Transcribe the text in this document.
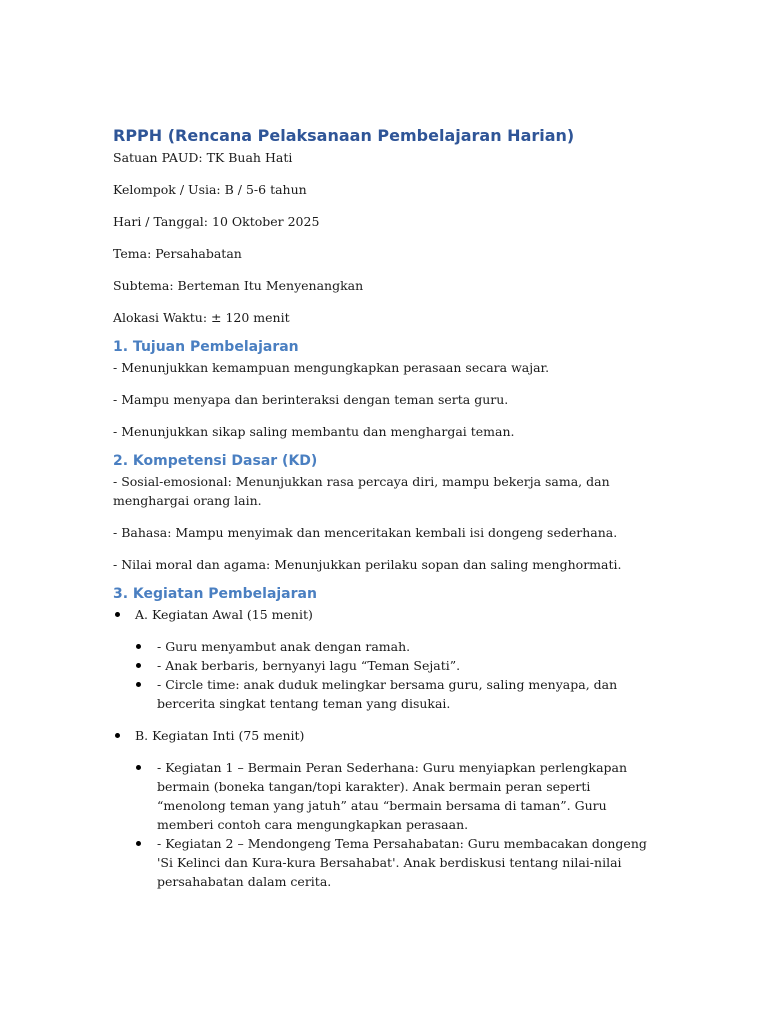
RPPH (Rencana Pelaksanaan Pembelajaran Harian)

Satuan PAUD: TK Buah Hati

Kelompok / Usia: B / 5-6 tahun

Hari / Tanggal: 10 Oktober 2025

Tema: Persahabatan

Subtema: Berteman Itu Menyenangkan

Alokasi Waktu: ± 120 menit

1. Tujuan Pembelajaran

- Menunjukkan kemampuan mengungkapkan perasaan secara wajar.

- Mampu menyapa dan berinteraksi dengan teman serta guru.

- Menunjukkan sikap saling membantu dan menghargai teman.

2. Kompetensi Dasar (KD)

- Sosial-emosional: Menunjukkan rasa percaya diri, mampu bekerja sama, dan menghargai orang lain.

- Bahasa: Mampu menyimak dan menceritakan kembali isi dongeng sederhana.

- Nilai moral dan agama: Menunjukkan perilaku sopan dan saling menghormati.

3. Kegiatan Pembelajaran
A. Kegiatan Awal (15 menit)
- Guru menyambut anak dengan ramah.
- Anak berbaris, bernyanyi lagu “Teman Sejati”.
- Circle time: anak duduk melingkar bersama guru, saling menyapa, dan bercerita singkat tentang teman yang disukai.
B. Kegiatan Inti (75 menit)
- Kegiatan 1 – Bermain Peran Sederhana: Guru menyiapkan perlengkapan bermain (boneka tangan/topi karakter). Anak bermain peran seperti “menolong teman yang jatuh” atau “bermain bersama di taman”. Guru memberi contoh cara mengungkapkan perasaan.
- Kegiatan 2 – Mendongeng Tema Persahabatan: Guru membacakan dongeng 'Si Kelinci dan Kura-kura Bersahabat'. Anak berdiskusi tentang nilai-nilai persahabatan dalam cerita.
